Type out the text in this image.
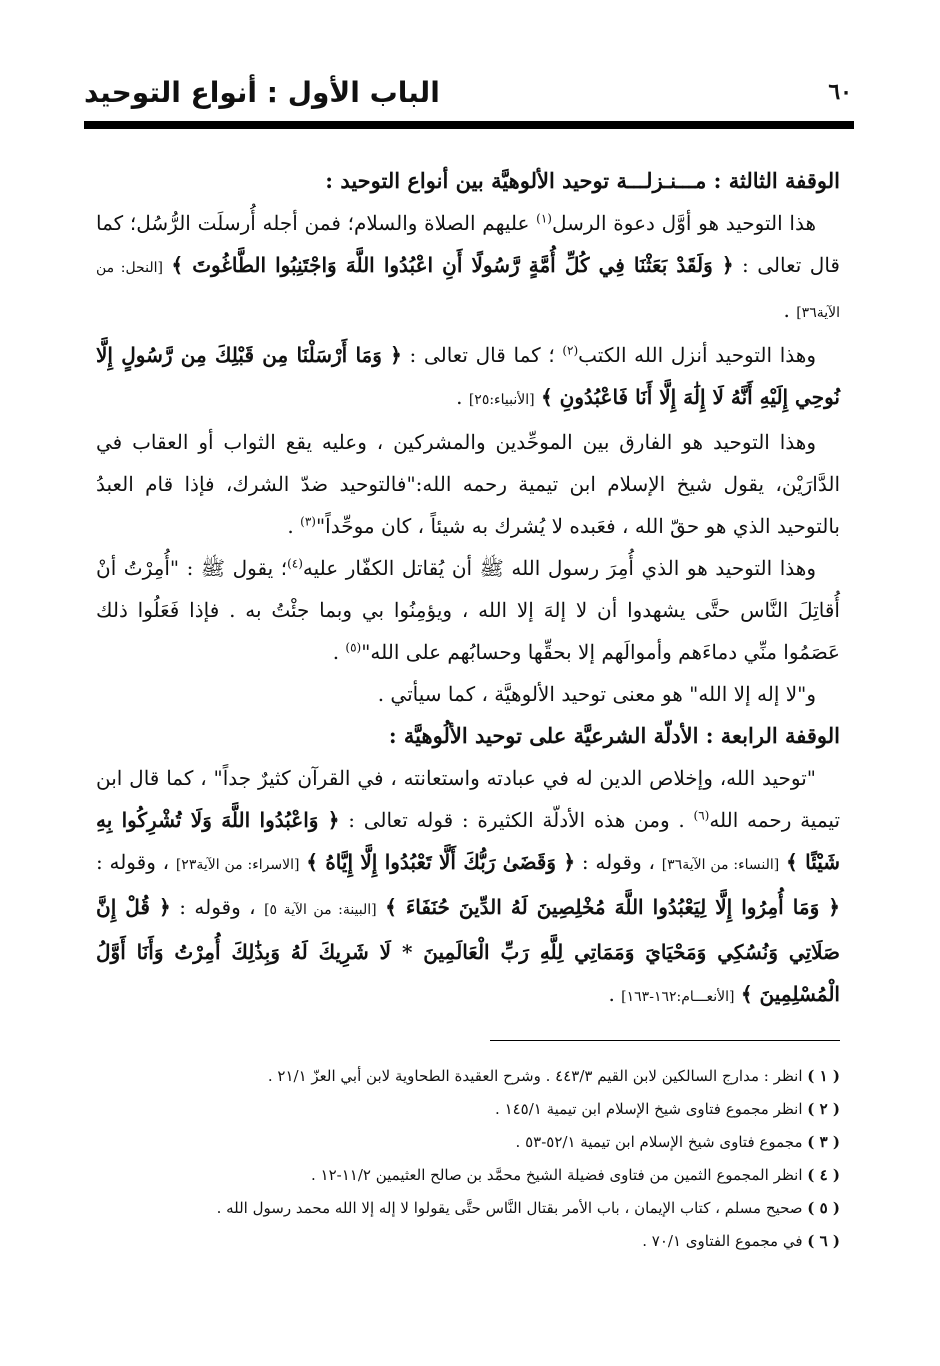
٦٠
الباب الأول : أنواع التوحيد

الوقفة الثالثة : مـــنـزلـــة توحيد الألوهيَّة بين أنواع التوحيد :

هذا التوحيد هو أوَّل دعوة الرسل$^{(١)}$ عليهم الصلاة والسلام؛ فمن أجله أُرسلَت الرُّسُل؛ كما قال تعالى : ﴿ وَلَقَدْ بَعَثْنَا فِي كُلِّ أُمَّةٍ رَّسُولًا أَنِ اعْبُدُوا اللَّهَ وَاجْتَنِبُوا الطَّاغُوتَ ﴾ [النحل: من الآية٣٦] .

وهذا التوحيد أنزل الله الكتب$^{(٢)}$ ؛ كما قال تعالى : ﴿ وَمَا أَرْسَلْنَا مِن قَبْلِكَ مِن رَّسُولٍ إِلَّا نُوحِي إِلَيْهِ أَنَّهُ لَا إِلَٰهَ إِلَّا أَنَا فَاعْبُدُونِ ﴾ [الأنبياء:٢٥] .

وهذا التوحيد هو الفارق بين الموحِّدين والمشركين ، وعليه يقع الثواب أو العقاب في الدَّارَيْن، يقول شيخ الإسلام ابن تيمية رحمه الله:"فالتوحيد ضدّ الشرك، فإذا قام العبدُ بالتوحيد الذي هو حقّ الله ، فعَبده لا يُشرك به شيئاً ، كان موحِّداً"$^{(٣)}$ .

وهذا التوحيد هو الذي أُمِرَ رسول الله ﷺ أن يُقاتل الكفّار عليه$^{(٤)}$؛ يقول ﷺ : "أُمِرْتُ أنْ أُقاتِلَ النَّاس حتَّى يشهدوا أن لا إلهَ إلا الله ، ويؤمِنُوا بي وبما جئْتُ به . فإذا فَعَلُوا ذلك عَصَمُوا منِّي دماءَهم وأموالَهم إلا بحقِّها وحسابُهم على الله"$^{(٥)}$ .

و"لا إله إلا الله" هو معنى توحيد الألوهيَّة ، كما سيأتي .

الوقفة الرابعة : الأدلّة الشرعيَّة على توحيد الألُوهيَّة :

"توحيد الله، وإخلاص الدين له في عبادته واستعانته ، في القرآن كثيرٌ جداً" ، كما قال ابن تيمية رحمه الله$^{(٦)}$ . ومن هذه الأدلّة الكثيرة : قوله تعالى : ﴿ وَاعْبُدُوا اللَّهَ وَلَا تُشْرِكُوا بِهِ شَيْئًا ﴾ [النساء: من الآية٣٦] ، وقوله : ﴿ وَقَضَىٰ رَبُّكَ أَلَّا تَعْبُدُوا إِلَّا إِيَّاهُ ﴾ [الاسراء: من الآية٢٣] ، وقوله : ﴿ وَمَا أُمِرُوا إِلَّا لِيَعْبُدُوا اللَّهَ مُخْلِصِينَ لَهُ الدِّينَ حُنَفَاءَ ﴾ [البينة: من الآية ٥] ، وقوله : ﴿ قُلْ إِنَّ صَلَاتِي وَنُسُكِي وَمَحْيَايَ وَمَمَاتِي لِلَّهِ رَبِّ الْعَالَمِينَ * لَا شَرِيكَ لَهُ وَبِذَٰلِكَ أُمِرْتُ وَأَنَا أَوَّلُ الْمُسْلِمِينَ ﴾ [الأنعـــام:١٦٢-١٦٣] .

( ١ ) انظر : مدارج السالكين لابن القيم ٤٤٣/٣ . وشرح العقيدة الطحاوية لابن أبي العزّ ٢١/١ .

( ٢ ) انظر مجموع فتاوى شيخ الإسلام ابن تيمية ١٤٥/١ .

( ٣ ) مجموع فتاوى شيخ الإسلام ابن تيمية ٥٢/١-٥٣ .

( ٤ ) انظر المجموع الثمين من فتاوى فضيلة الشيخ محمَّد بن صالح العثيمين ١١/٢-١٢ .

( ٥ ) صحيح مسلم ، كتاب الإيمان ، باب الأمر بقتال النَّاس حتَّى يقولوا لا إله إلا الله محمد رسول الله .

( ٦ ) في مجموع الفتاوى ٧٠/١ .
